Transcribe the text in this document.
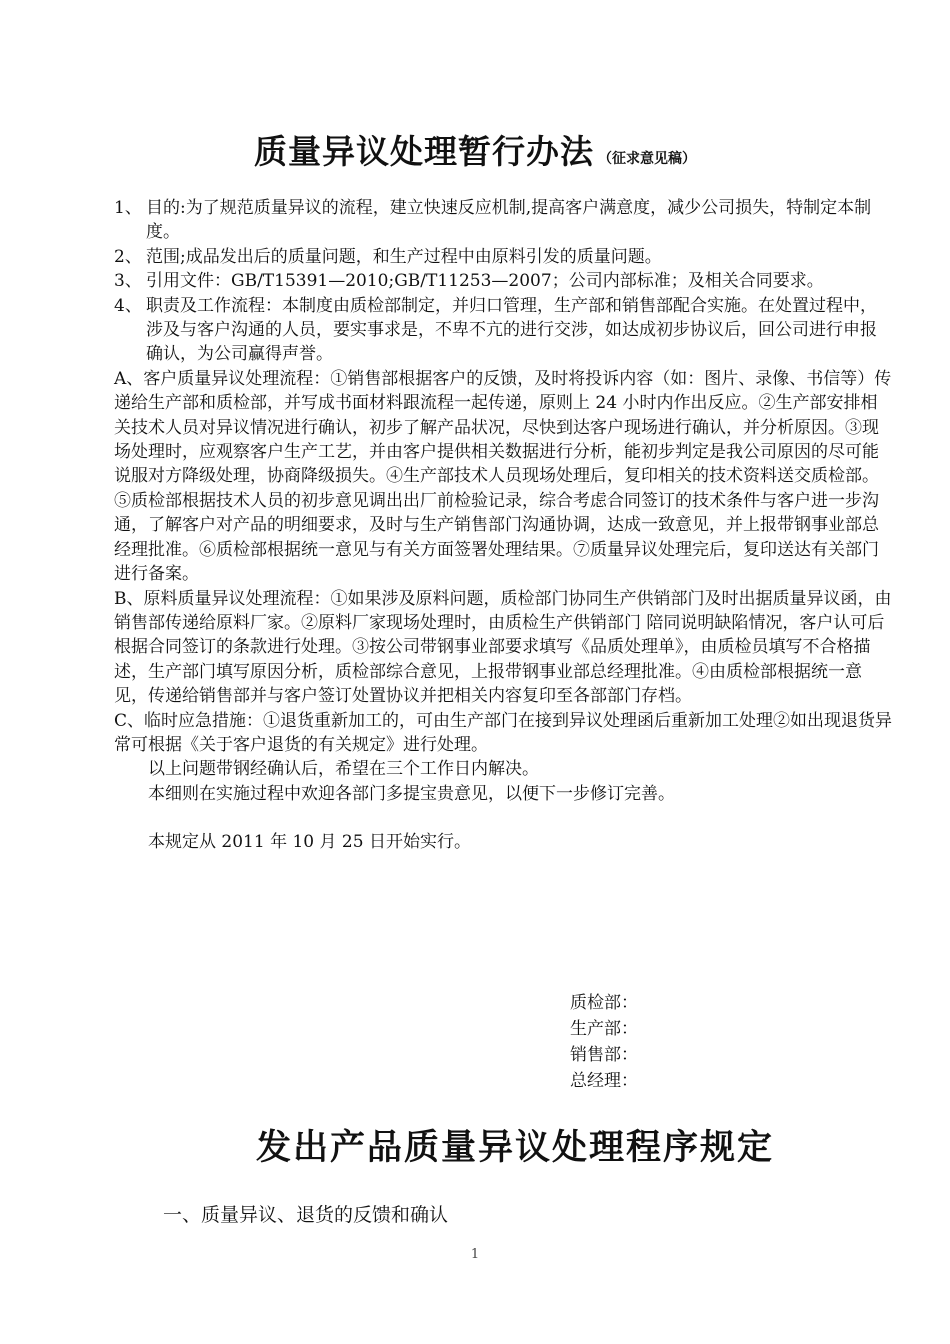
质量异议处理暂行办法 （征求意见稿）
1、 目的:为了规范质量异议的流程，建立快速反应机制,提高客户满意度，减少公司损失，特制定本制度。
2、 范围;成品发出后的质量问题，和生产过程中由原料引发的质量问题。
3、 引用文件：GB/T15391—2010;GB/T11253—2007；公司内部标准；及相关合同要求。
4、 职责及工作流程：本制度由质检部制定，并归口管理，生产部和销售部配合实施。在处置过程中，涉及与客户沟通的人员，要实事求是，不卑不亢的进行交涉，如达成初步协议后，回公司进行申报确认，为公司赢得声誉。

A、客户质量异议处理流程：①销售部根据客户的反馈，及时将投诉内容（如：图片、录像、书信等）传递给生产部和质检部，并写成书面材料跟流程一起传递，原则上 24 小时内作出反应。②生产部安排相关技术人员对异议情况进行确认，初步了解产品状况，尽快到达客户现场进行确认，并分析原因。③现场处理时，应观察客户生产工艺，并由客户提供相关数据进行分析，能初步判定是我公司原因的尽可能说服对方降级处理，协商降级损失。④生产部技术人员现场处理后，复印相关的技术资料送交质检部。⑤质检部根据技术人员的初步意见调出出厂前检验记录，综合考虑合同签订的技术条件与客户进一步沟通，了解客户对产品的明细要求，及时与生产销售部门沟通协调，达成一致意见，并上报带钢事业部总经理批准。⑥质检部根据统一意见与有关方面签署处理结果。⑦质量异议处理完后，复印送达有关部门进行备案。

B、原料质量异议处理流程：①如果涉及原料问题，质检部门协同生产供销部门及时出据质量异议函，由销售部传递给原料厂家。②原料厂家现场处理时，由质检生产供销部门 陪同说明缺陷情况，客户认可后根据合同签订的条款进行处理。③按公司带钢事业部要求填写《品质处理单》，由质检员填写不合格描述，生产部门填写原因分析，质检部综合意见，上报带钢事业部总经理批准。④由质检部根据统一意见，传递给销售部并与客户签订处置协议并把相关内容复印至各部部门存档。

C、临时应急措施：①退货重新加工的，可由生产部门在接到异议处理函后重新加工处理②如出现退货异常可根据《关于客户退货的有关规定》进行处理。

以上问题带钢经确认后，希望在三个工作日内解决。

本细则在实施过程中欢迎各部门多提宝贵意见，以便下一步修订完善。

本规定从 2011 年 10 月 25 日开始实行。

质检部：
生产部：
销售部：
总经理：
发出产品质量异议处理程序规定
一、质量异议、退货的反馈和确认
1
